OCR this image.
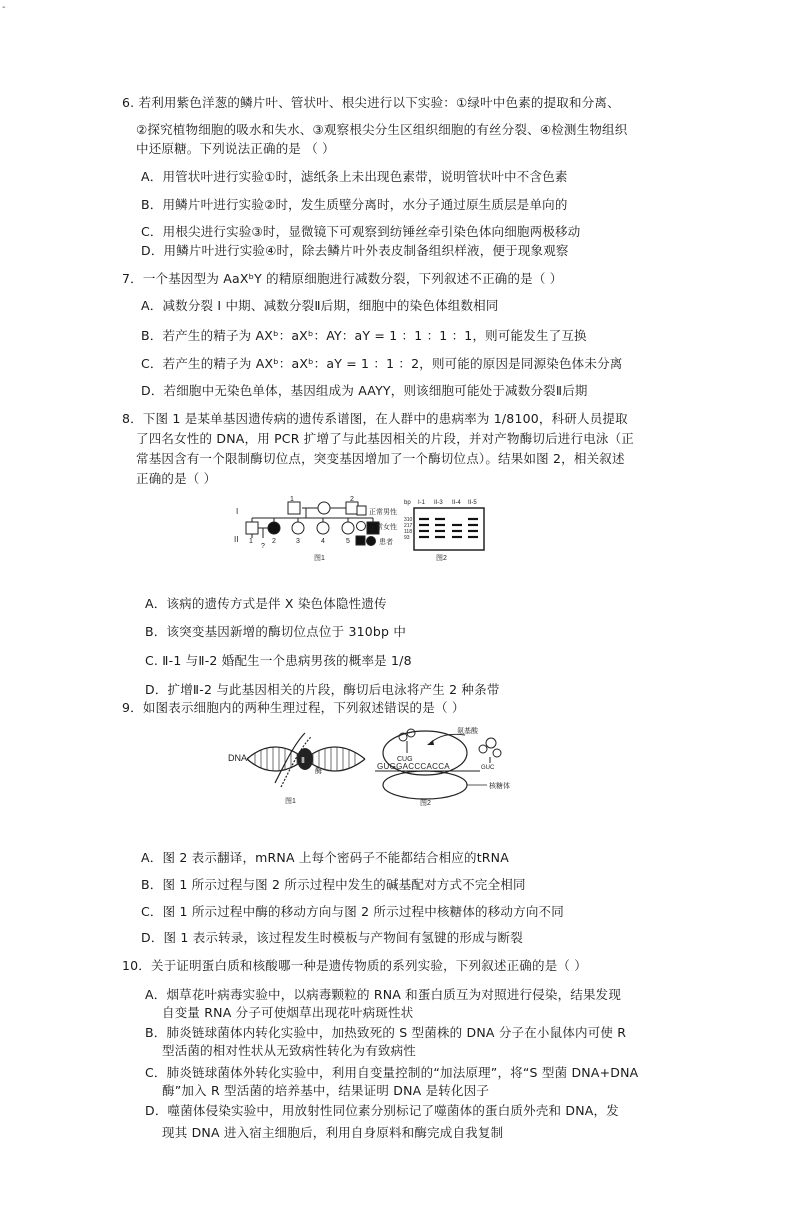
-
6. 若利用紫色洋葱的鳞片叶、管状叶、根尖进行以下实验：①绿叶中色素的提取和分离、
②探究植物细胞的吸水和失水、③观察根尖分生区组织细胞的有丝分裂、④检测生物组织
中还原糖。下列说法正确的是 （ ）
A．用管状叶进行实验①时，滤纸条上未出现色素带，说明管状叶中不含色素
B．用鳞片叶进行实验②时，发生质壁分离时，水分子通过原生质层是单向的
C．用根尖进行实验③时，显微镜下可观察到纺锤丝牵引染色体向细胞两极移动
D．用鳞片叶进行实验④时，除去鳞片叶外表皮制备组织样液，便于现象观察
7．一个基因型为 AaXᵇY 的精原细胞进行减数分裂，下列叙述不正确的是（ ）
A．减数分裂 I 中期、减数分裂Ⅱ后期，细胞中的染色体组数相同
B．若产生的精子为 AXᵇ：aXᵇ：AY：aY = 1 ：1 ：1 ：1，则可能发生了互换
C．若产生的精子为 AXᵇ：aXᵇ：aY = 1 ：1 ：2，则可能的原因是同源染色体未分离
D．若细胞中无染色单体，基因组成为 AAYY，则该细胞可能处于减数分裂Ⅱ后期
8．下图 1 是某单基因遗传病的遗传系谱图，在人群中的患病率为 1/8100，科研人员提取
了四名女性的 DNA，用 PCR 扩增了与此基因相关的片段，并对产物酶切后进行电泳（正
常基因含有一个限制酶切位点，突变基因增加了一个酶切位点）。结果如图 2，相关叙述
正确的是（ ）
I
II
1	2
1	2	3	4	5
?
图1
正常男性
正常女性
患者
bp I-1 II-3 II-4 II-5
310
217
118
93
图2
A．该病的遗传方式是伴 X 染色体隐性遗传
B．该突变基因新增的酶切位点位于 310bp 中
C. Ⅱ-1 与Ⅱ-2 婚配生一个患病男孩的概率是 1/8
D．扩增Ⅱ-2 与此基因相关的片段，酶切后电泳将产生 2 种条带
9．如图表示细胞内的两种生理过程，下列叙述错误的是（ ）
DNA	Ⅱ
酶
图1
GUGGACCCACCA
CUG
氨基酸
GUC
核糖体
图2
A．图 2 表示翻译，mRNA 上每个密码子不能都结合相应的tRNA
B．图 1 所示过程与图 2 所示过程中发生的碱基配对方式不完全相同
C．图 1 所示过程中酶的移动方向与图 2 所示过程中核糖体的移动方向不同
D．图 1 表示转录，该过程发生时模板与产物间有氢键的形成与断裂
10．关于证明蛋白质和核酸哪一种是遗传物质的系列实验，下列叙述正确的是（ ）
A．烟草花叶病毒实验中，以病毒颗粒的 RNA 和蛋白质互为对照进行侵染，结果发现
自变量 RNA 分子可使烟草出现花叶病斑性状
B．肺炎链球菌体内转化实验中，加热致死的 S 型菌株的 DNA 分子在小鼠体内可使 R
型活菌的相对性状从无致病性转化为有致病性
C．肺炎链球菌体外转化实验中，利用自变量控制的“加法原理”，将“S 型菌 DNA+DNA
酶”加入 R 型活菌的培养基中，结果证明 DNA 是转化因子
D．噬菌体侵染实验中，用放射性同位素分别标记了噬菌体的蛋白质外壳和 DNA，发
现其 DNA 进入宿主细胞后，利用自身原料和酶完成自我复制
